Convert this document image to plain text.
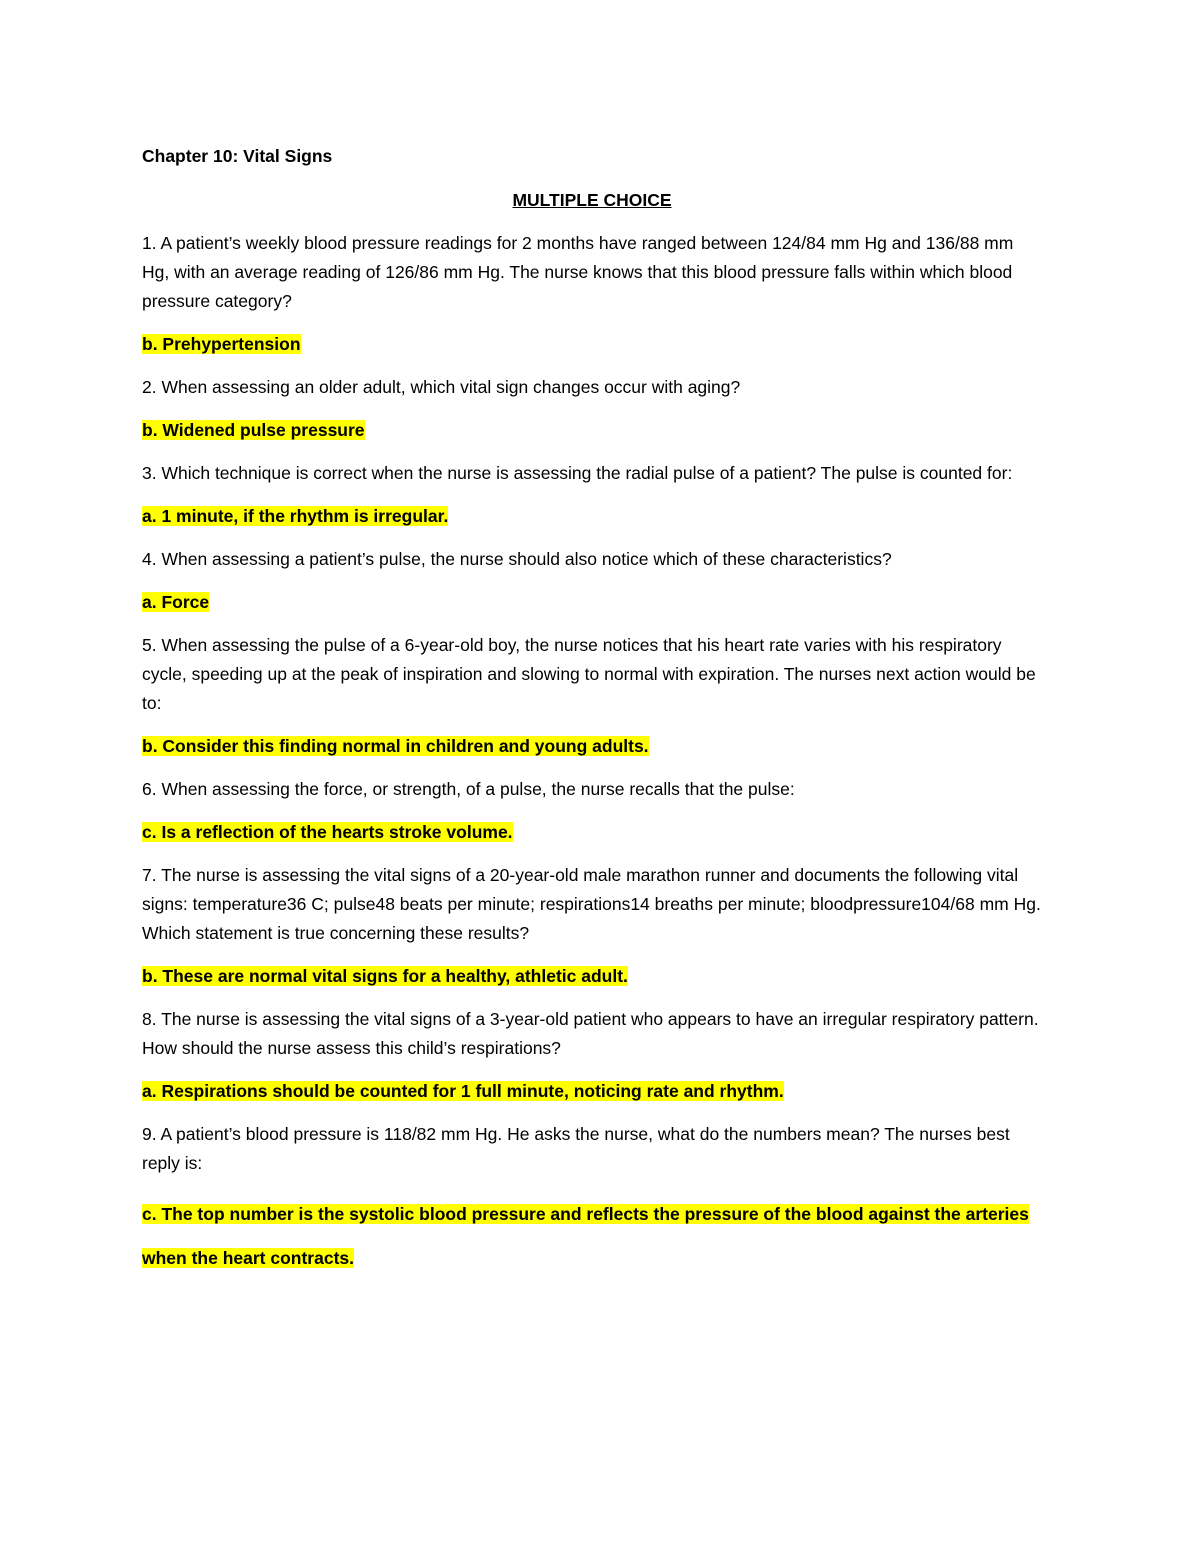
Chapter 10: Vital Signs

MULTIPLE CHOICE

1. A patient’s weekly blood pressure readings for 2 months have ranged between 124/84 mm Hg and 136/88 mm Hg, with an average reading of 126/86 mm Hg. The nurse knows that this blood pressure falls within which blood pressure category?

b. Prehypertension

2. When assessing an older adult, which vital sign changes occur with aging?

b. Widened pulse pressure

3. Which technique is correct when the nurse is assessing the radial pulse of a patient? The pulse is counted for:

a. 1 minute, if the rhythm is irregular.

4. When assessing a patient’s pulse, the nurse should also notice which of these characteristics?

a. Force

5. When assessing the pulse of a 6-year-old boy, the nurse notices that his heart rate varies with his respiratory cycle, speeding up at the peak of inspiration and slowing to normal with expiration. The nurses next action would be to:

b. Consider this finding normal in children and young adults.

6. When assessing the force, or strength, of a pulse, the nurse recalls that the pulse:

c. Is a reflection of the hearts stroke volume.

7. The nurse is assessing the vital signs of a 20-year-old male marathon runner and documents the following vital signs: temperature36 C; pulse48 beats per minute; respirations14 breaths per minute; bloodpressure104/68 mm Hg. Which statement is true concerning these results?

b. These are normal vital signs for a healthy, athletic adult.

8. The nurse is assessing the vital signs of a 3-year-old patient who appears to have an irregular respiratory pattern. How should the nurse assess this child’s respirations?

a. Respirations should be counted for 1 full minute, noticing rate and rhythm.

9. A patient’s blood pressure is 118/82 mm Hg. He asks the nurse, what do the numbers mean? The nurses best reply is:

c. The top number is the systolic blood pressure and reflects the pressure of the blood against the arteries when the heart contracts.
